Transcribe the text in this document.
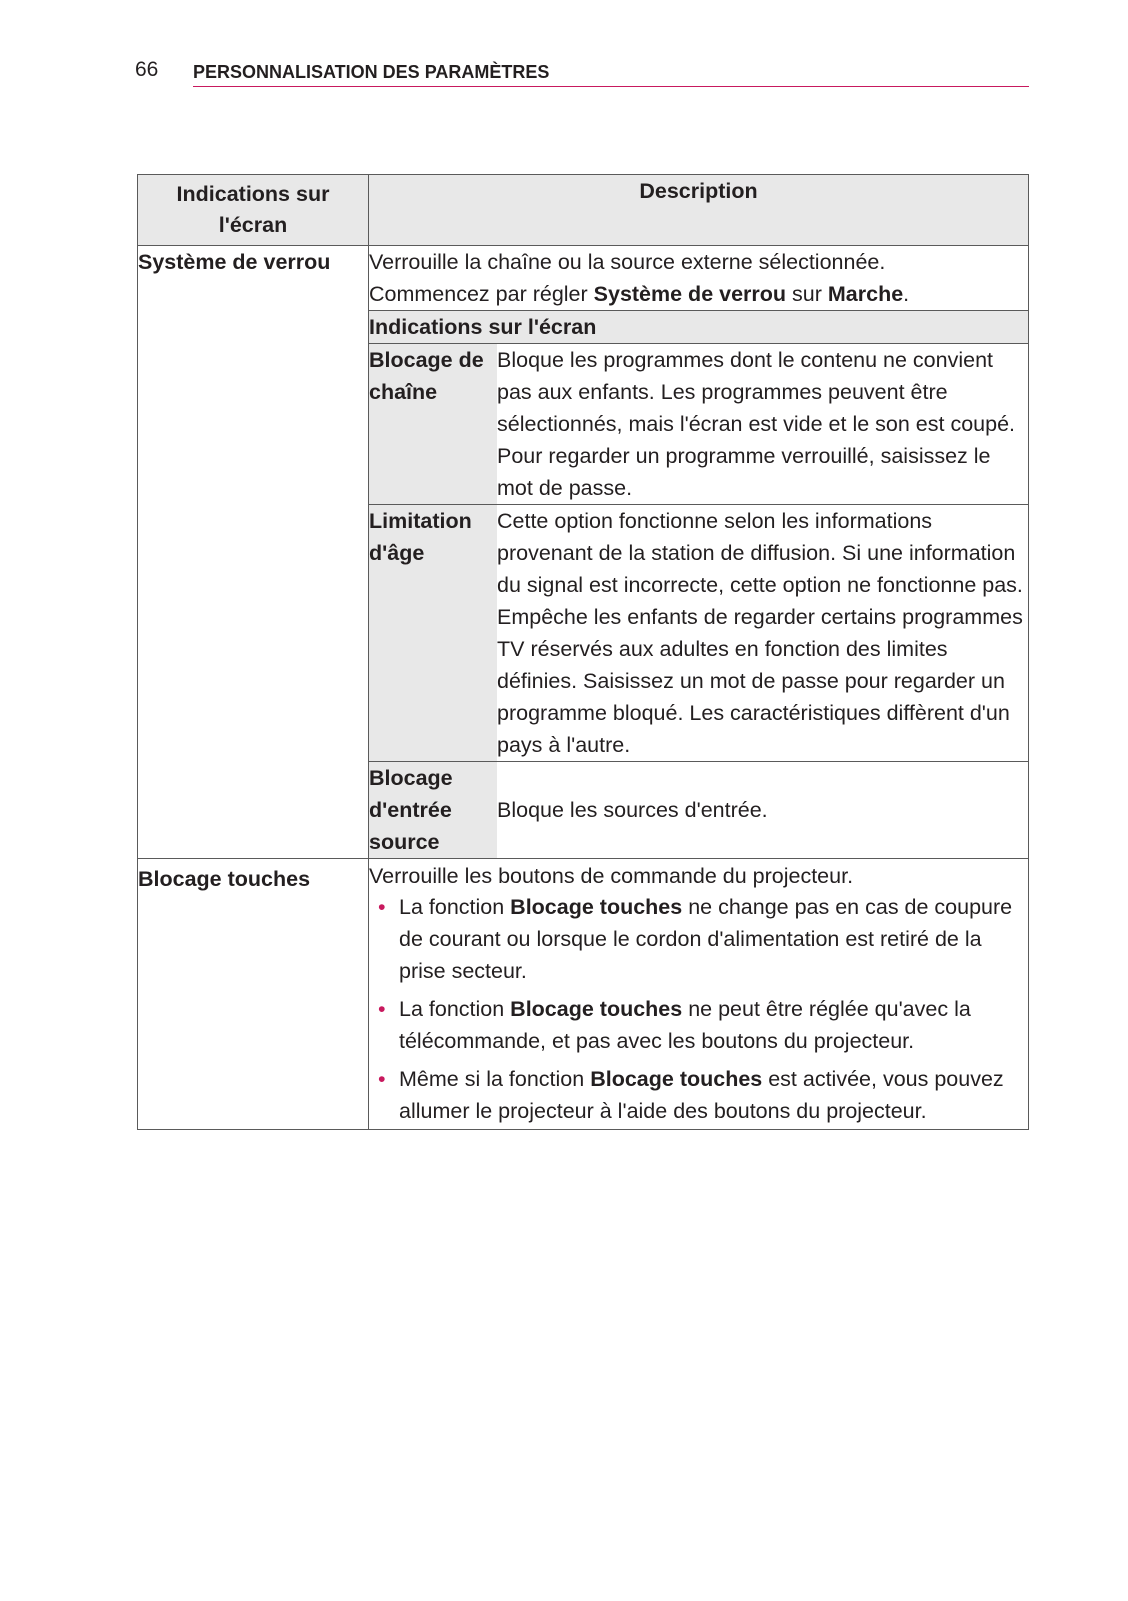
66 PERSONNALISATION DES PARAMÈTRES
Indications sur l'écran	Description
Système de verrou	Verrouille la chaîne ou la source externe sélectionnée.
Commencez par régler Système de verrou sur Marche.

Indications sur l'écran
Blocage de chaîne	Bloque les programmes dont le contenu ne convient pas aux enfants. Les programmes peuvent être sélectionnés, mais l'écran est vide et le son est coupé. Pour regarder un programme verrouillé, saisissez le mot de passe.
Limitation d'âge	Cette option fonctionne selon les informations provenant de la station de diffusion. Si une information du signal est incorrecte, cette option ne fonctionne pas. Empêche les enfants de regarder certains programmes TV réservés aux adultes en fonction des limites définies. Saisissez un mot de passe pour regarder un programme bloqué. Les caractéristiques diffèrent d'un pays à l'autre.
Blocage d'entrée source	Bloque les sources d'entrée.

Blocage touches	Verrouille les boutons de commande du projecteur.
• La fonction Blocage touches ne change pas en cas de coupure de courant ou lorsque le cordon d'alimentation est retiré de la prise secteur.
• La fonction Blocage touches ne peut être réglée qu'avec la télécommande, et pas avec les boutons du projecteur.
• Même si la fonction Blocage touches est activée, vous pouvez allumer le projecteur à l'aide des boutons du projecteur.
